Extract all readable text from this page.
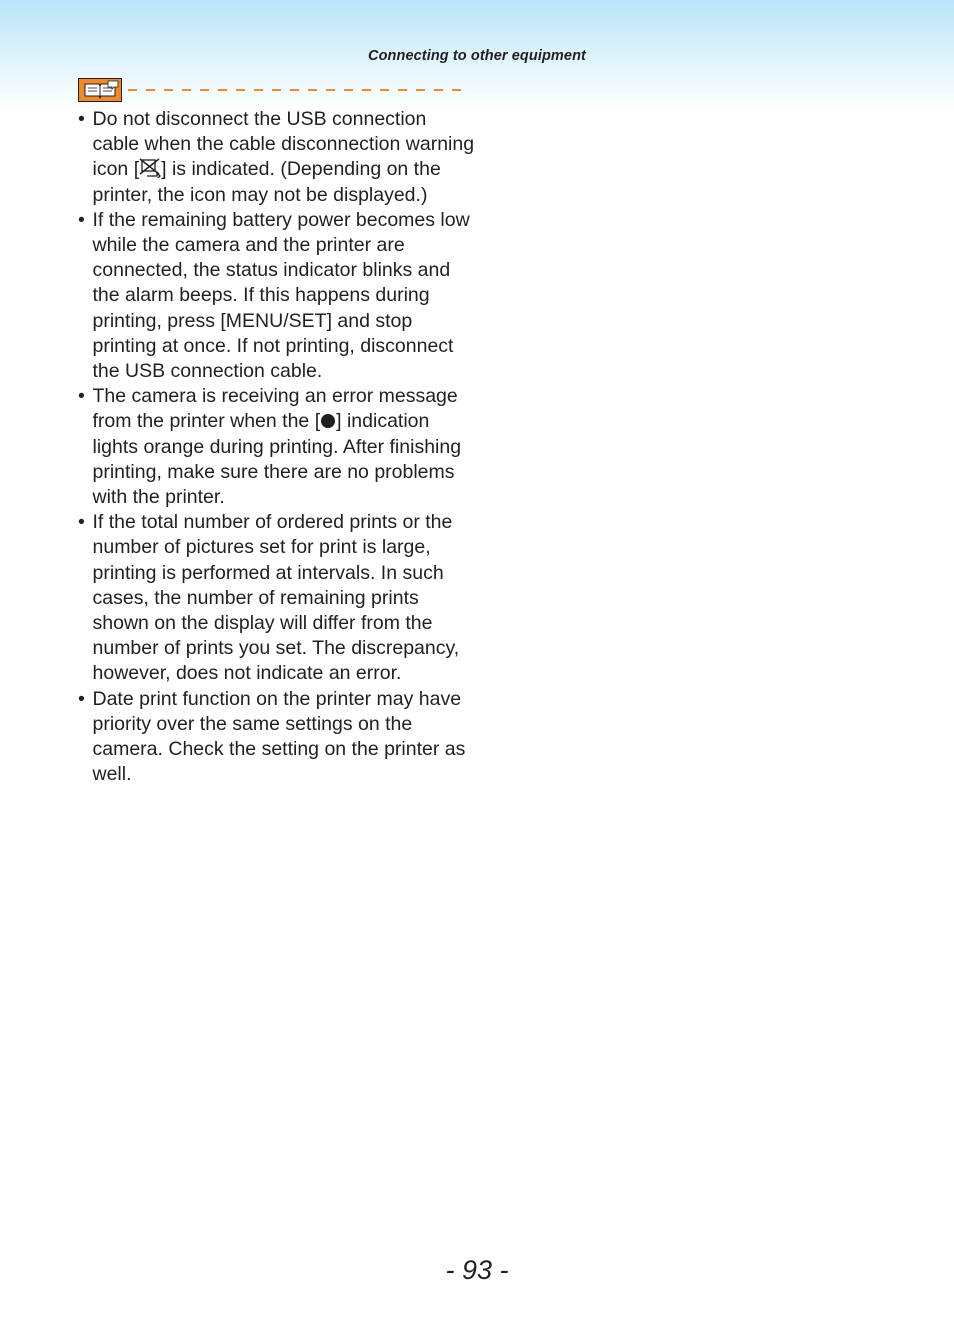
Connecting to other equipment
• Do not disconnect the USB connection cable when the cable disconnection warning icon [ ] is indicated. (Depending on the printer, the icon may not be displayed.)
• If the remaining battery power becomes low while the camera and the printer are connected, the status indicator blinks and the alarm beeps. If this happens during printing, press [MENU/SET] and stop printing at once. If not printing, disconnect the USB connection cable.
• The camera is receiving an error message from the printer when the [ ] indication lights orange during printing. After finishing printing, make sure there are no problems with the printer.
• If the total number of ordered prints or the number of pictures set for print is large, printing is performed at intervals. In such cases, the number of remaining prints shown on the display will differ from the number of prints you set. The discrepancy, however, does not indicate an error.
• Date print function on the printer may have priority over the same settings on the camera. Check the setting on the printer as well.
- 93 -
